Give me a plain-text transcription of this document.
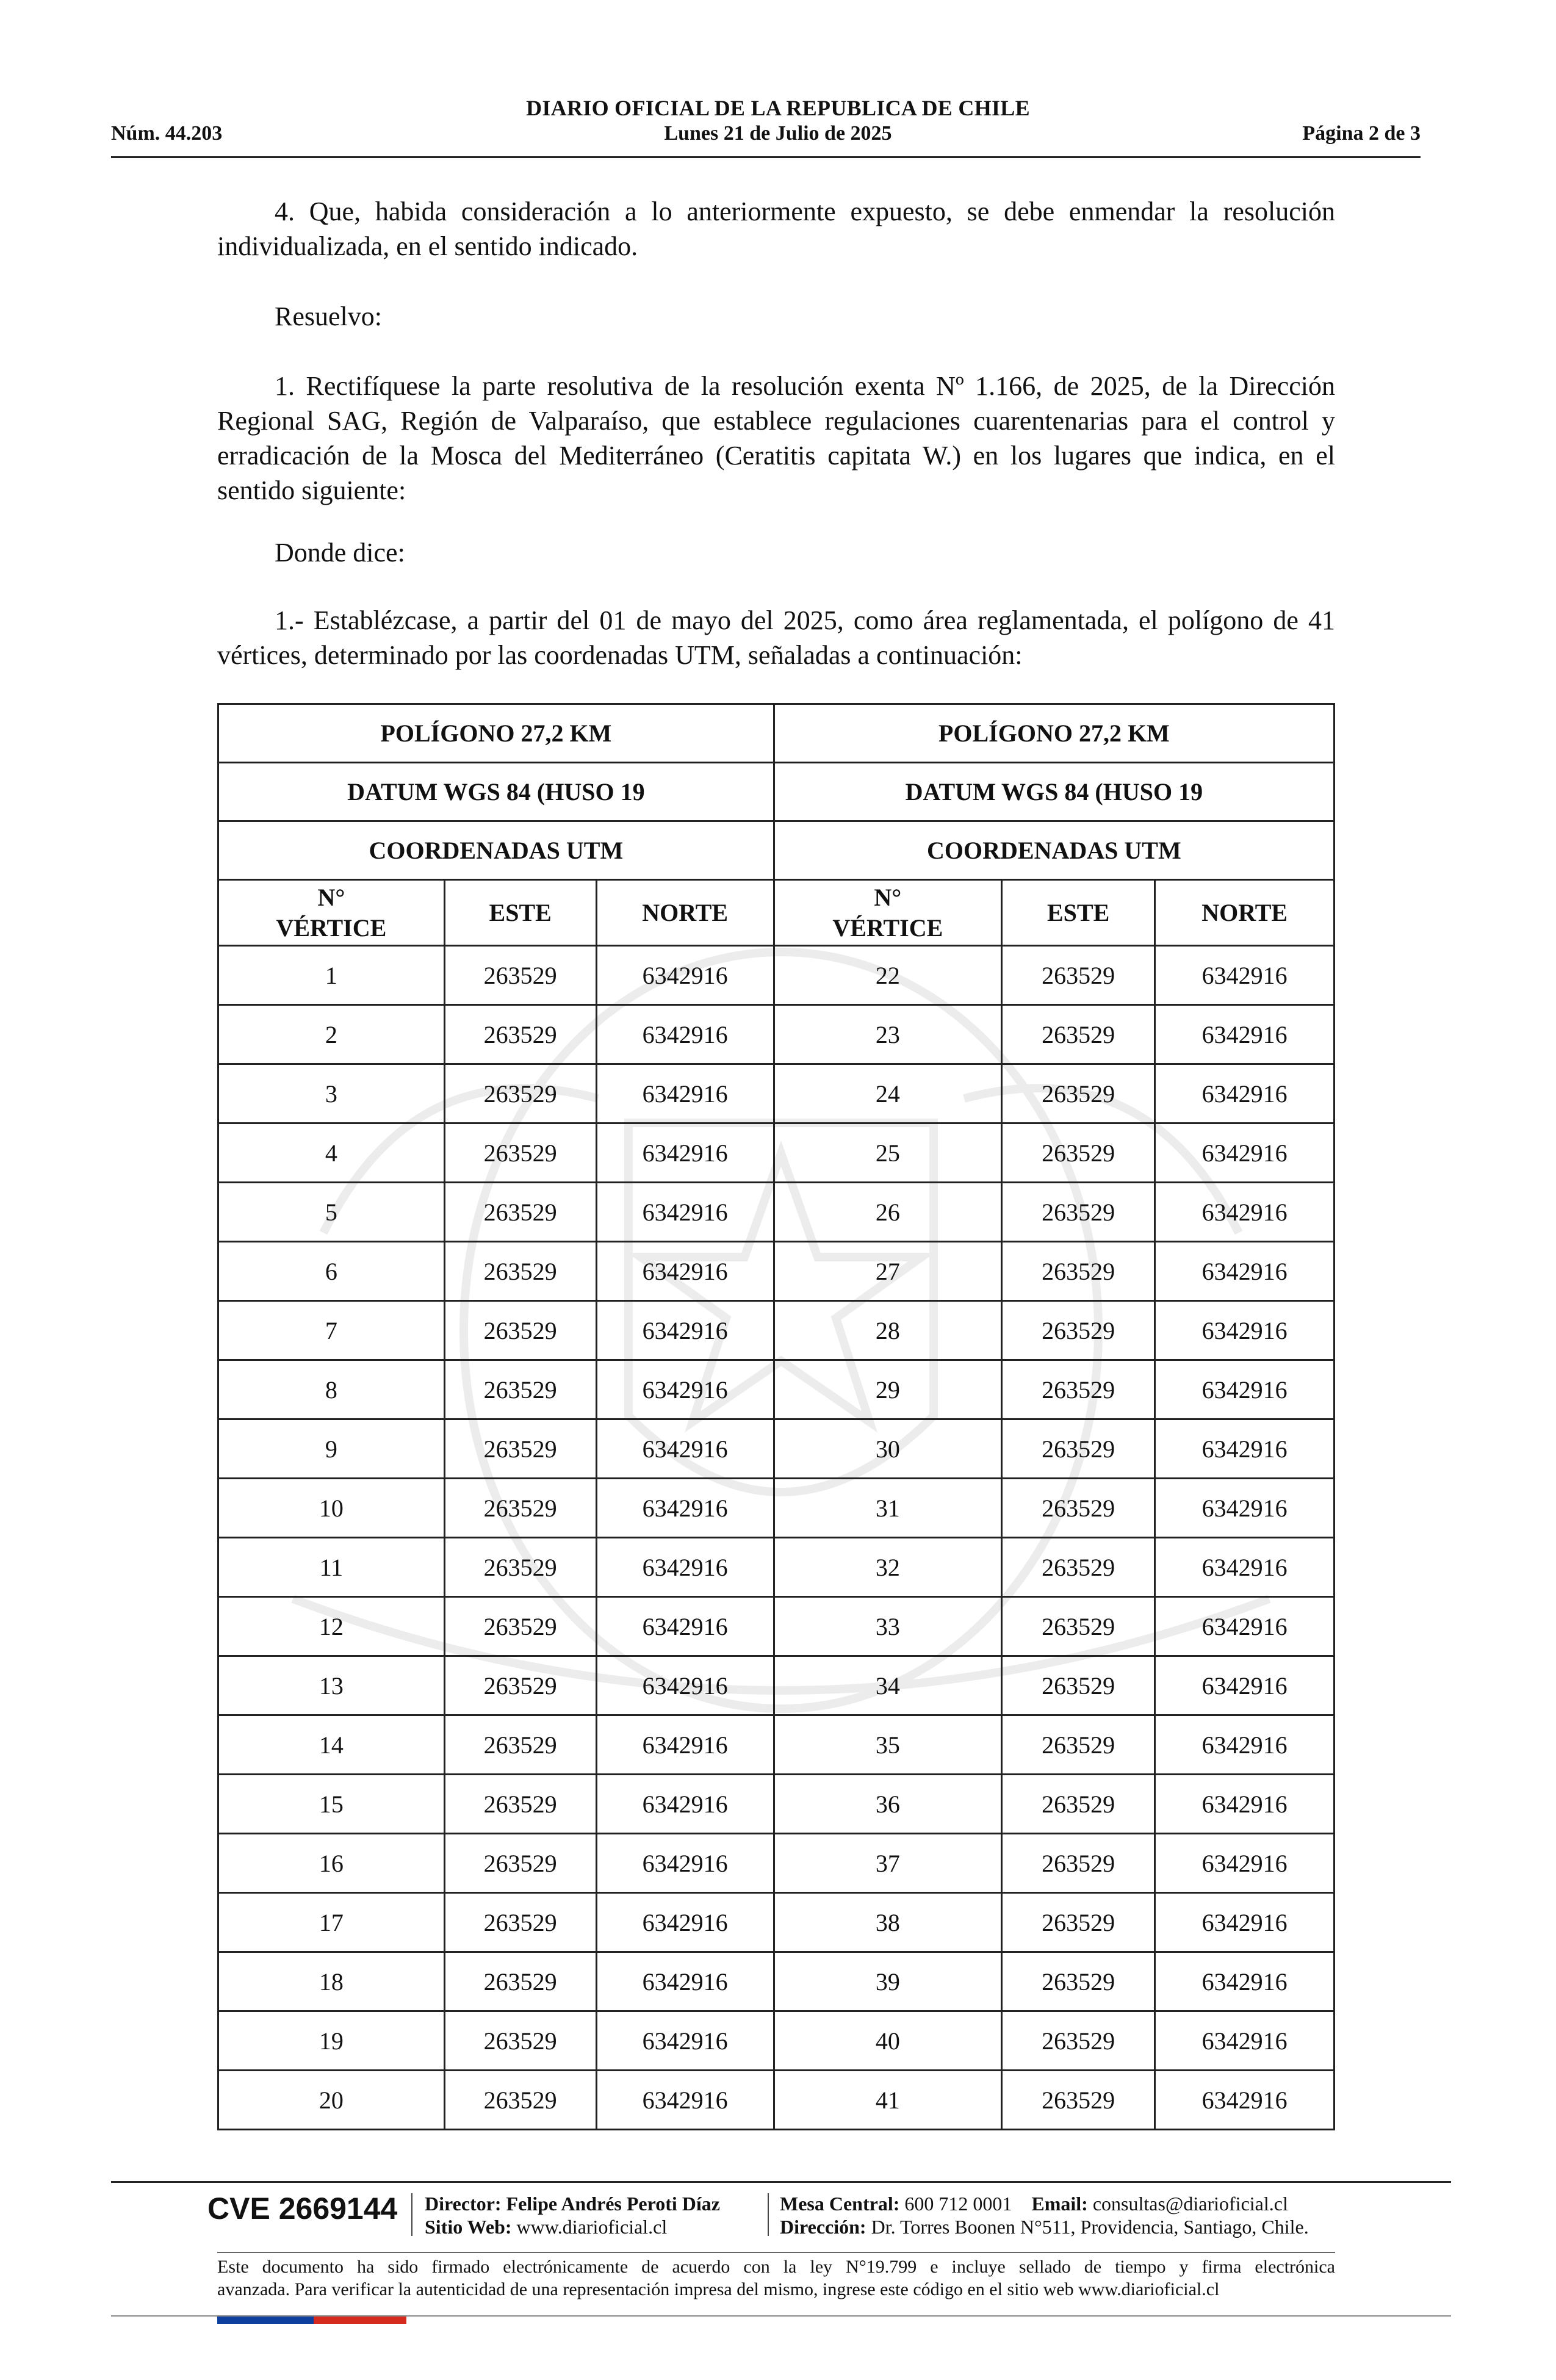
DIARIO OFICIAL DE LA REPUBLICA DE CHILE
Núm. 44.203	Lunes 21 de Julio de 2025	Página 2 de 3

4. Que, habida consideración a lo anteriormente expuesto, se debe enmendar la resolución individualizada, en el sentido indicado.

Resuelvo:

1. Rectifíquese la parte resolutiva de la resolución exenta Nº 1.166, de 2025, de la Dirección Regional SAG, Región de Valparaíso, que establece regulaciones cuarentenarias para el control y erradicación de la Mosca del Mediterráneo (Ceratitis capitata W.) en los lugares que indica, en el sentido siguiente:

Donde dice:

1.- Establézcase, a partir del 01 de mayo del 2025, como área reglamentada, el polígono de 41 vértices, determinado por las coordenadas UTM, señaladas a continuación:

POLÍGONO 27,2 KM			POLÍGONO 27,2 KM		
DATUM WGS 84 (HUSO 19			DATUM WGS 84 (HUSO 19		
COORDENADAS UTM			COORDENADAS UTM		
N°
VÉRTICE	ESTE	NORTE	N°
VÉRTICE	ESTE	NORTE
1	263529	6342916	22	263529	6342916
2	263529	6342916	23	263529	6342916
3	263529	6342916	24	263529	6342916
4	263529	6342916	25	263529	6342916
5	263529	6342916	26	263529	6342916
6	263529	6342916	27	263529	6342916
7	263529	6342916	28	263529	6342916
8	263529	6342916	29	263529	6342916
9	263529	6342916	30	263529	6342916
10	263529	6342916	31	263529	6342916
11	263529	6342916	32	263529	6342916
12	263529	6342916	33	263529	6342916
13	263529	6342916	34	263529	6342916
14	263529	6342916	35	263529	6342916
15	263529	6342916	36	263529	6342916
16	263529	6342916	37	263529	6342916
17	263529	6342916	38	263529	6342916
18	263529	6342916	39	263529	6342916
19	263529	6342916	40	263529	6342916
20	263529	6342916	41	263529	6342916
CVE 2669144 Director: Felipe Andrés Peroti Díaz
Sitio Web: www.diarioficial.cl
Mesa Central: 600 712 0001 Email: consultas@diarioficial.cl
Dirección: Dr. Torres Boonen N°511, Providencia, Santiago, Chile.
Este documento ha sido firmado electrónicamente de acuerdo con la ley N°19.799 e incluye sellado de tiempo y firma electrónica
avanzada. Para verificar la autenticidad de una representación impresa del mismo, ingrese este código en el sitio web www.diarioficial.cl
